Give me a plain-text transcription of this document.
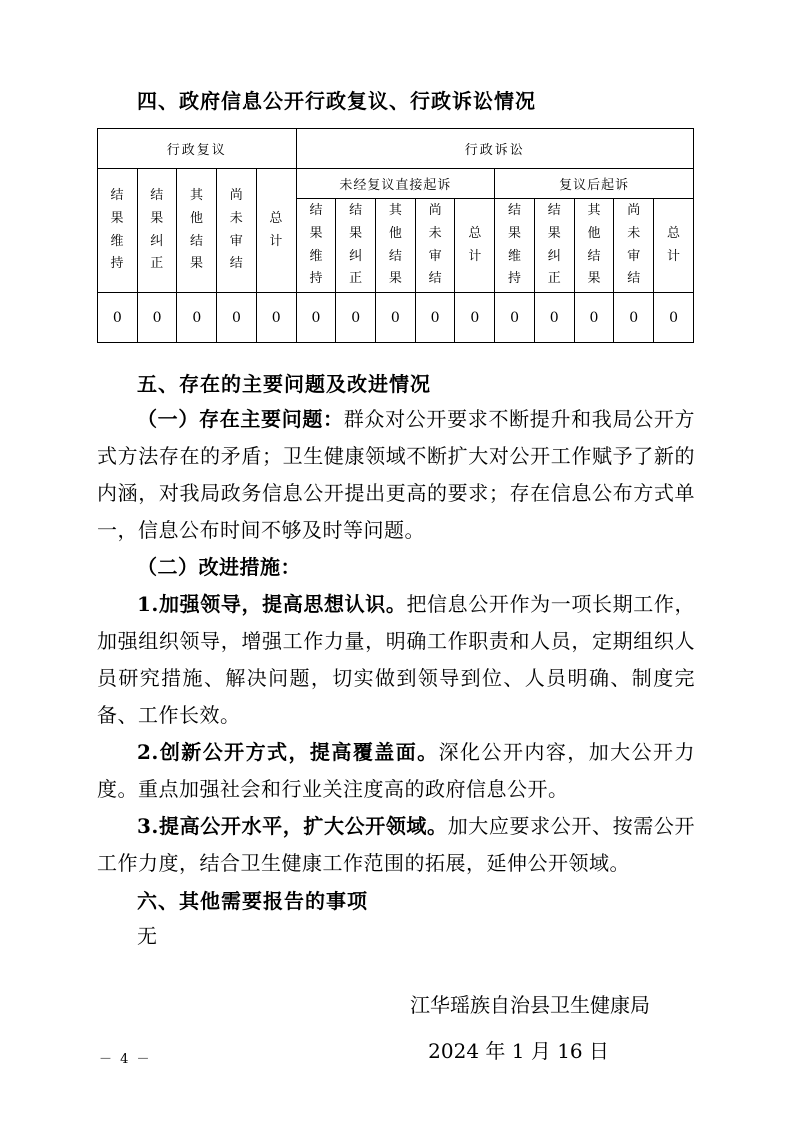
四、政府信息公开行政复议、行政诉讼情况
行政复议					行政诉讼									
结果维持	结果纠正	其他结果	尚未审结	总计	未经复议直接起诉					复议后起诉				
					结果维持	结果纠正	其他结果	尚未审结	总计	结果维持	结果纠正	其他结果	尚未审结	总计
0	0	0	0	0	0	0	0	0	0	0	0	0	0	0
五、存在的主要问题及改进情况

（一）存在主要问题：群众对公开要求不断提升和我局公开方式方法存在的矛盾；卫生健康领域不断扩大对公开工作赋予了新的内涵，对我局政务信息公开提出更高的要求；存在信息公布方式单一，信息公布时间不够及时等问题。

（二）改进措施：

1.加强领导，提高思想认识。把信息公开作为一项长期工作，加强组织领导，增强工作力量，明确工作职责和人员，定期组织人员研究措施、解决问题，切实做到领导到位、人员明确、制度完备、工作长效。

2.创新公开方式，提高覆盖面。深化公开内容，加大公开力度。重点加强社会和行业关注度高的政府信息公开。

3.提高公开水平，扩大公开领域。加大应要求公开、按需公开工作力度，结合卫生健康工作范围的拓展，延伸公开领域。

六、其他需要报告的事项

无

江华瑶族自治县卫生健康局
2024 年 1 月 16 日
－ 4 －
